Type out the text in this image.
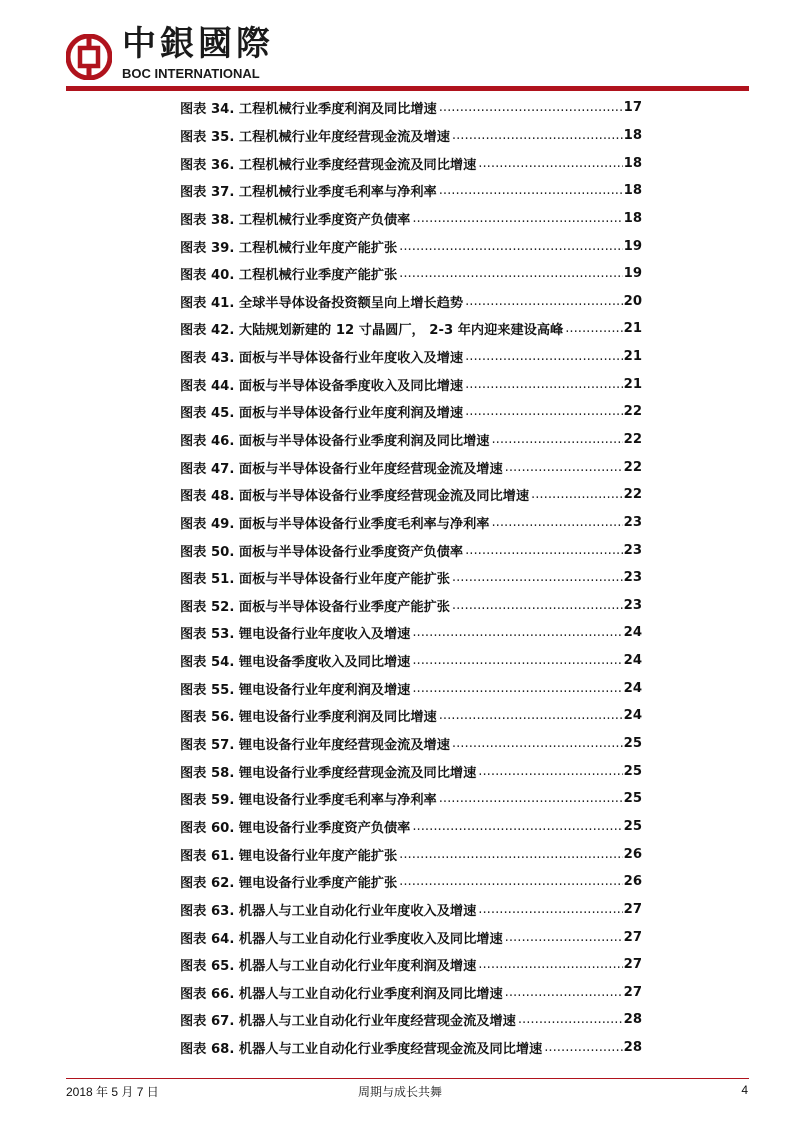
中銀國際
BOC INTERNATIONAL
图表 34. 工程机械行业季度利润及同比增速 .....	17
图表 35. 工程机械行业年度经营现金流及增速 .....	18
图表 36. 工程机械行业季度经营现金流及同比增速 .....	18
图表 37. 工程机械行业季度毛利率与净利率 .....	18
图表 38. 工程机械行业季度资产负债率 .....	18
图表 39. 工程机械行业年度产能扩张 .....	19
图表 40. 工程机械行业季度产能扩张 .....	19
图表 41. 全球半导体设备投资额呈向上增长趋势 .....	20
图表 42. 大陆规划新建的 12 寸晶圆厂， 2-3 年内迎来建设高峰 .....	21
图表 43. 面板与半导体设备行业年度收入及增速 .....	21
图表 44. 面板与半导体设备季度收入及同比增速 .....	21
图表 45. 面板与半导体设备行业年度利润及增速 .....	22
图表 46. 面板与半导体设备行业季度利润及同比增速 .....	22
图表 47. 面板与半导体设备行业年度经营现金流及增速 .....	22
图表 48. 面板与半导体设备行业季度经营现金流及同比增速 .....	22
图表 49. 面板与半导体设备行业季度毛利率与净利率 .....	23
图表 50. 面板与半导体设备行业季度资产负债率 .....	23
图表 51. 面板与半导体设备行业年度产能扩张 .....	23
图表 52. 面板与半导体设备行业季度产能扩张 .....	23
图表 53. 锂电设备行业年度收入及增速 .....	24
图表 54. 锂电设备季度收入及同比增速 .....	24
图表 55. 锂电设备行业年度利润及增速 .....	24
图表 56. 锂电设备行业季度利润及同比增速 .....	24
图表 57. 锂电设备行业年度经营现金流及增速 .....	25
图表 58. 锂电设备行业季度经营现金流及同比增速 .....	25
图表 59. 锂电设备行业季度毛利率与净利率 .....	25
图表 60. 锂电设备行业季度资产负债率 .....	25
图表 61. 锂电设备行业年度产能扩张 .....	26
图表 62. 锂电设备行业季度产能扩张 .....	26
图表 63. 机器人与工业自动化行业年度收入及增速 .....	27
图表 64. 机器人与工业自动化行业季度收入及同比增速 .....	27
图表 65. 机器人与工业自动化行业年度利润及增速 .....	27
图表 66. 机器人与工业自动化行业季度利润及同比增速 .....	27
图表 67. 机器人与工业自动化行业年度经营现金流及增速 .....	28
图表 68. 机器人与工业自动化行业季度经营现金流及同比增速 .....	28
2018 年 5 月 7 日	周期与成长共舞	4
